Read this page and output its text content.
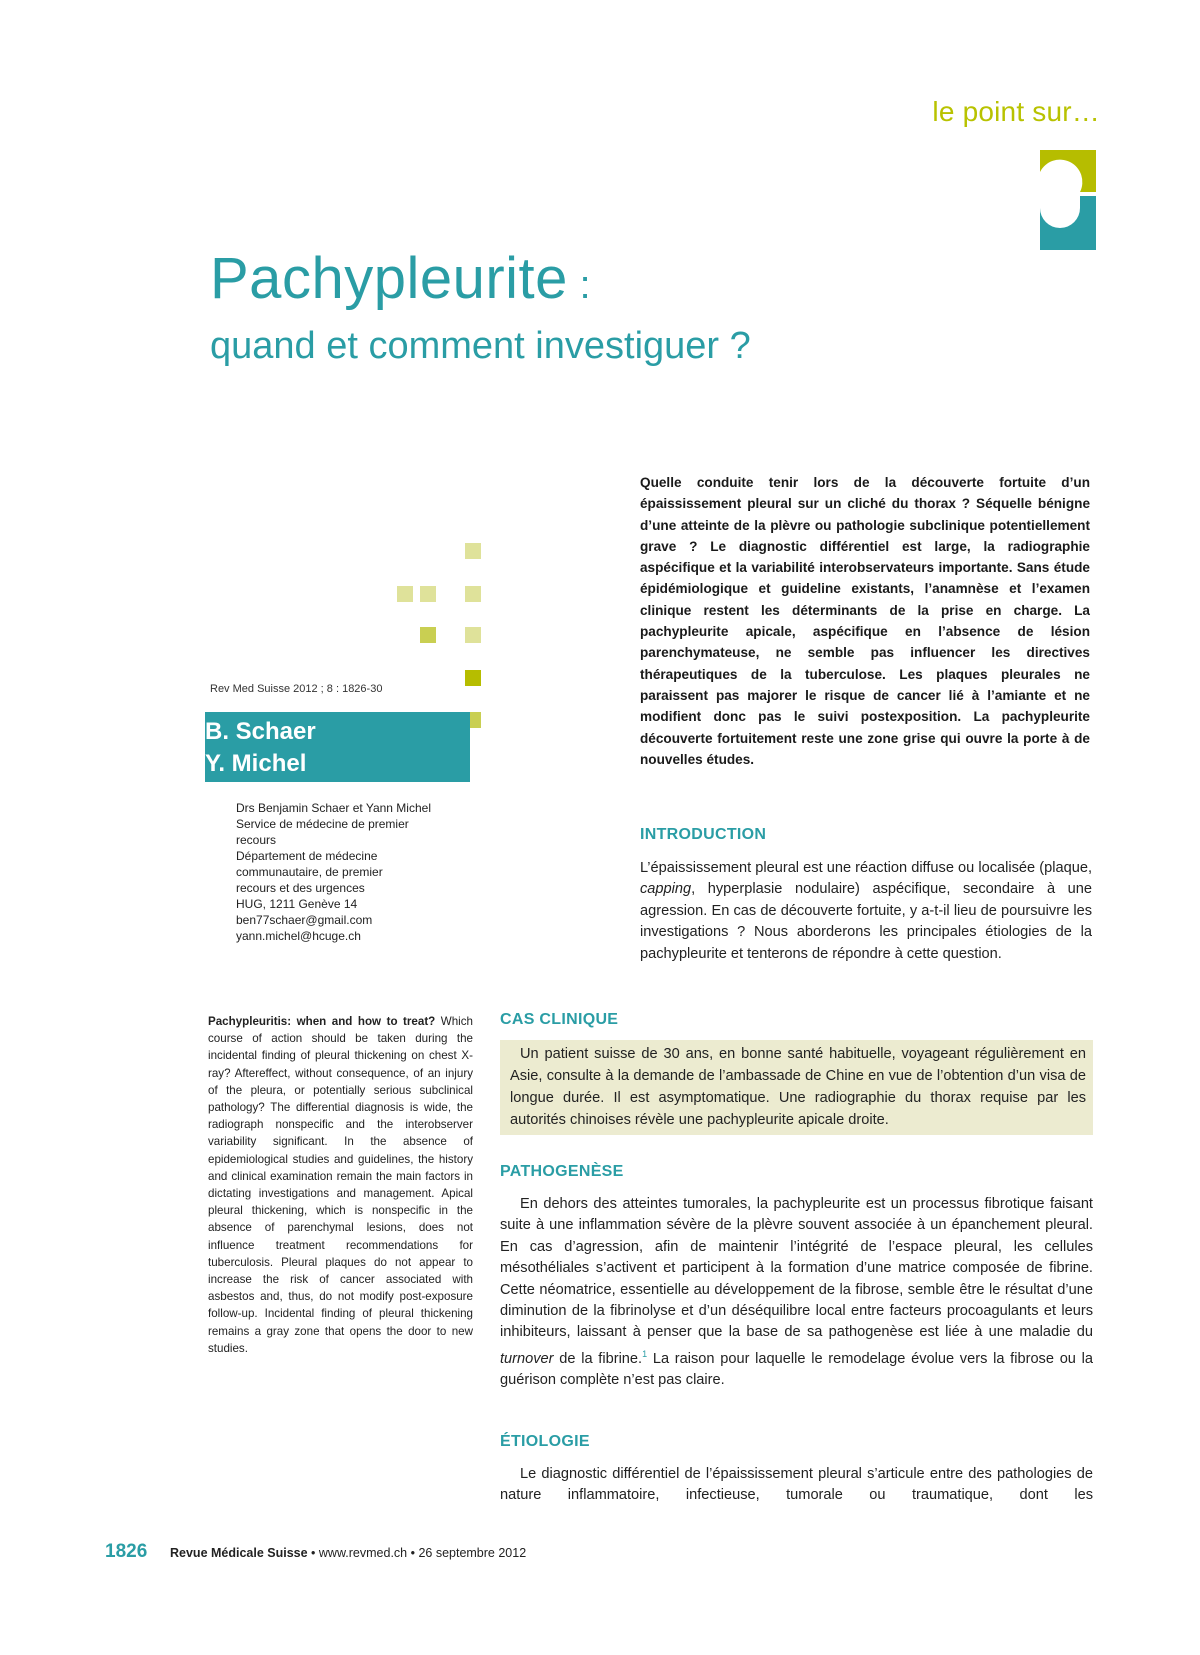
le point sur…
Pachypleurite :
quand et comment investiguer ?
Rev Med Suisse 2012 ; 8 : 1826-30
B. Schaer
Y. Michel
Drs Benjamin Schaer et Yann Michel
Service de médecine de premier
recours
Département de médecine
communautaire, de premier
recours et des urgences
HUG, 1211 Genève 14
ben77schaer@gmail.com
yann.michel@hcuge.ch
Pachypleuritis: when and how to treat? Which course of action should be taken during the incidental finding of pleural thickening on chest X-ray? Aftereffect, without consequence, of an injury of the pleura, or potentially serious subclinical pathology? The differential diagnosis is wide, the radiograph nonspecific and the interobserver variability significant. In the absence of epidemiological studies and guidelines, the history and clinical examination remain the main factors in dictating investigations and management. Apical pleural thickening, which is nonspecific in the absence of parenchymal lesions, does not influence treatment recommendations for tuberculosis. Pleural plaques do not appear to increase the risk of cancer associated with asbestos and, thus, do not modify post-exposure follow-up. Incidental finding of pleural thickening remains a gray zone that opens the door to new studies.
Quelle conduite tenir lors de la découverte fortuite d’un épaississement pleural sur un cliché du thorax ? Séquelle bénigne d’une atteinte de la plèvre ou pathologie subclinique potentiellement grave ? Le diagnostic différentiel est large, la radiographie aspécifique et la variabilité interobservateurs importante. Sans étude épidémiologique et guideline existants, l’anamnèse et l’examen clinique restent les déterminants de la prise en charge. La pachypleurite apicale, aspécifique en l’absence de lésion parenchymateuse, ne semble pas influencer les directives thérapeutiques de la tuberculose. Les plaques pleurales ne paraissent pas majorer le risque de cancer lié à l’amiante et ne modifient donc pas le suivi postexposition. La pachypleurite découverte fortuitement reste une zone grise qui ouvre la porte à de nouvelles études.
INTRODUCTION
L’épaississement pleural est une réaction diffuse ou localisée (plaque, capping, hyperplasie nodulaire) aspécifique, secondaire à une agression. En cas de découverte fortuite, y a-t-il lieu de poursuivre les investigations ? Nous aborderons les principales étiologies de la pachypleurite et tenterons de répondre à cette question.
CAS CLINIQUE
Un patient suisse de 30 ans, en bonne santé habituelle, voyageant régulièrement en Asie, consulte à la demande de l’ambassade de Chine en vue de l’obtention d’un visa de longue durée. Il est asymptomatique. Une radiographie du thorax requise par les autorités chinoises révèle une pachypleurite apicale droite.
PATHOGENÈSE
En dehors des atteintes tumorales, la pachypleurite est un processus fibrotique faisant suite à une inflammation sévère de la plèvre souvent associée à un épanchement pleural. En cas d’agression, afin de maintenir l’intégrité de l’espace pleural, les cellules mésothéliales s’activent et participent à la formation d’une matrice composée de fibrine. Cette néomatrice, essentielle au développement de la fibrose, semble être le résultat d’une diminution de la fibrinolyse et d’un déséquilibre local entre facteurs procoagulants et leurs inhibiteurs, laissant à penser que la base de sa pathogenèse est liée à une maladie du turnover de la fibrine.$^1$ La raison pour laquelle le remodelage évolue vers la fibrose ou la guérison complète n’est pas claire.
ÉTIOLOGIE
Le diagnostic différentiel de l’épaississement pleural s’articule entre des pathologies de nature inflammatoire, infectieuse, tumorale ou traumatique, dont les
1826 Revue Médicale Suisse • www.revmed.ch • 26 septembre 2012
